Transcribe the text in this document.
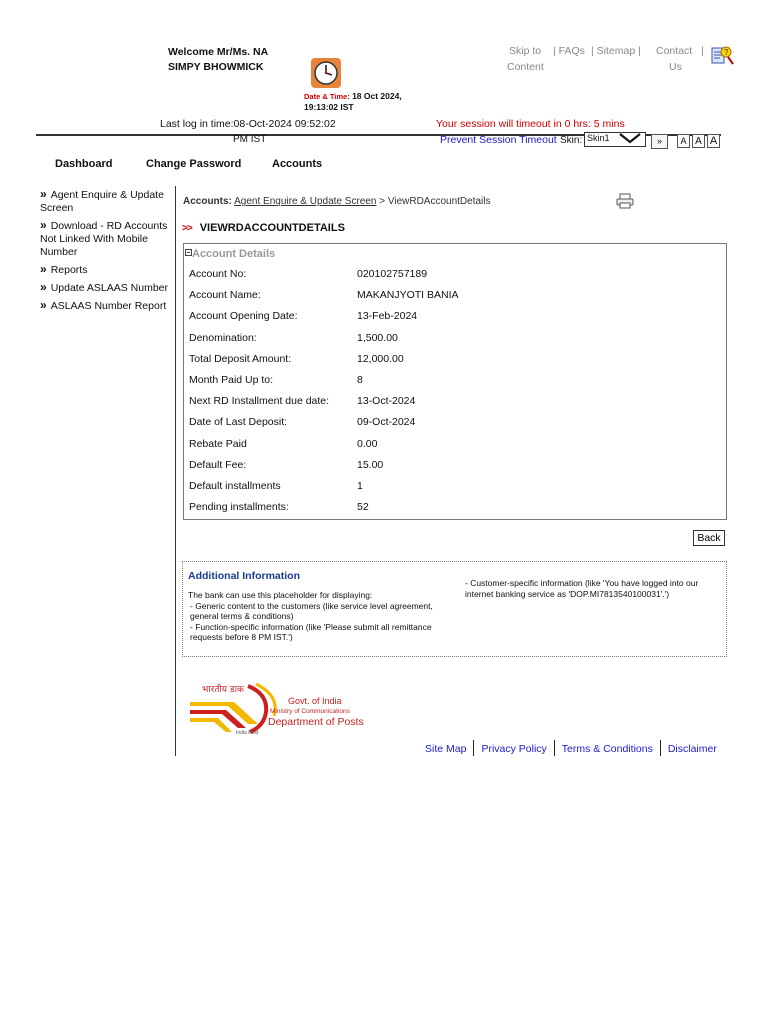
Welcome Mr/Ms. NA
SIMPY BHOWMICK
Date & Time: 18 Oct 2024,
19:13:02 IST
Skip to
Content
| FAQs | Sitemap | Contact
Us
|	?
Last log in time:08-Oct-2024 09:52:02	Your session will timeout in 0 hrs: 5 mins
PM IST	Prevent Session Timeout Skin: Skin1	»	A A A
Dashboard	Change Password	Accounts
» Agent Enquire & Update Screen
» Download - RD Accounts Not Linked With Mobile Number
» Reports
» Update ASLAAS Number
» ASLAAS Number Report
Accounts: Agent Enquire & Update Screen > ViewRDAccountDetails
>> VIEWRDACCOUNTDETAILS
Account Details
Account No:	020102757189
Account Name:	MAKANJYOTI BANIA
Account Opening Date:	13-Feb-2024
Denomination:	1,500.00
Total Deposit Amount:	12,000.00
Month Paid Up to:	8
Next RD Installment due date:	13-Oct-2024
Date of Last Deposit:	09-Oct-2024
Rebate Paid	0.00
Default Fee:	15.00
Default installments	1
Pending installments:	52
Back
Additional Information
The bank can use this placeholder for displaying:
- Generic content to the customers (like service level agreement, general terms & conditions)
- Function-specific information (like 'Please submit all remittance requests before 8 PM IST.')
- Customer-specific information (like 'You have logged into our internet banking service as 'DOP.MI7813540100031'.')
भारतीय डाक
Govt. of India
Ministry of Communications
Department of Posts
India Post
Site Map Privacy Policy Terms & Conditions Disclaimer
